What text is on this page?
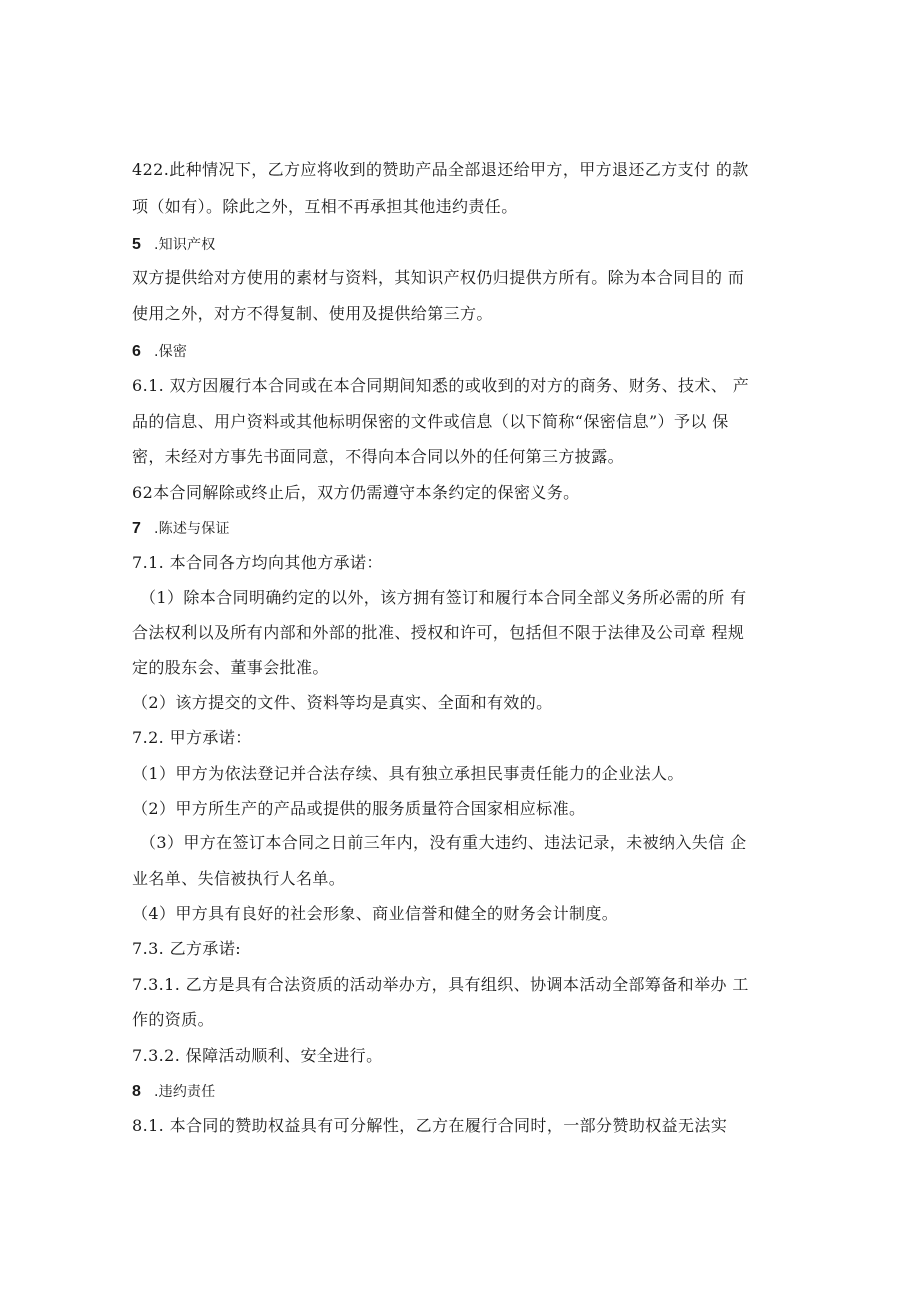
422.此种情况下，乙方应将收到的赞助产品全部退还给甲方，甲方退还乙方支付 的款
项（如有）。除此之外，互相不再承担其他违约责任。
5 .知识产权
双方提供给对方使用的素材与资料，其知识产权仍归提供方所有。除为本合同目的 而
使用之外，对方不得复制、使用及提供给第三方。
6 .保密
6.1. 双方因履行本合同或在本合同期间知悉的或收到的对方的商务、财务、技术、 产
品的信息、用户资料或其他标明保密的文件或信息（以下简称“保密信息”）予以 保
密，未经对方事先书面同意，不得向本合同以外的任何第三方披露。
62本合同解除或终止后，双方仍需遵守本条约定的保密义务。
7 .陈述与保证
7.1. 本合同各方均向其他方承诺：
（1）除本合同明确约定的以外，该方拥有签订和履行本合同全部义务所必需的所 有
合法权利以及所有内部和外部的批准、授权和许可，包括但不限于法律及公司章 程规
定的股东会、董事会批准。
（2）该方提交的文件、资料等均是真实、全面和有效的。
7.2. 甲方承诺：
（1）甲方为依法登记并合法存续、具有独立承担民事责任能力的企业法人。
（2）甲方所生产的产品或提供的服务质量符合国家相应标准。
（3）甲方在签订本合同之日前三年内，没有重大违约、违法记录，未被纳入失信 企
业名单、失信被执行人名单。
（4）甲方具有良好的社会形象、商业信誉和健全的财务会计制度。
7.3. 乙方承诺:
7.3.1. 乙方是具有合法资质的活动举办方，具有组织、协调本活动全部筹备和举办 工
作的资质。
7.3.2. 保障活动顺利、安全进行。
8 .违约责任
8.1. 本合同的赞助权益具有可分解性，乙方在履行合同时，一部分赞助权益无法实
